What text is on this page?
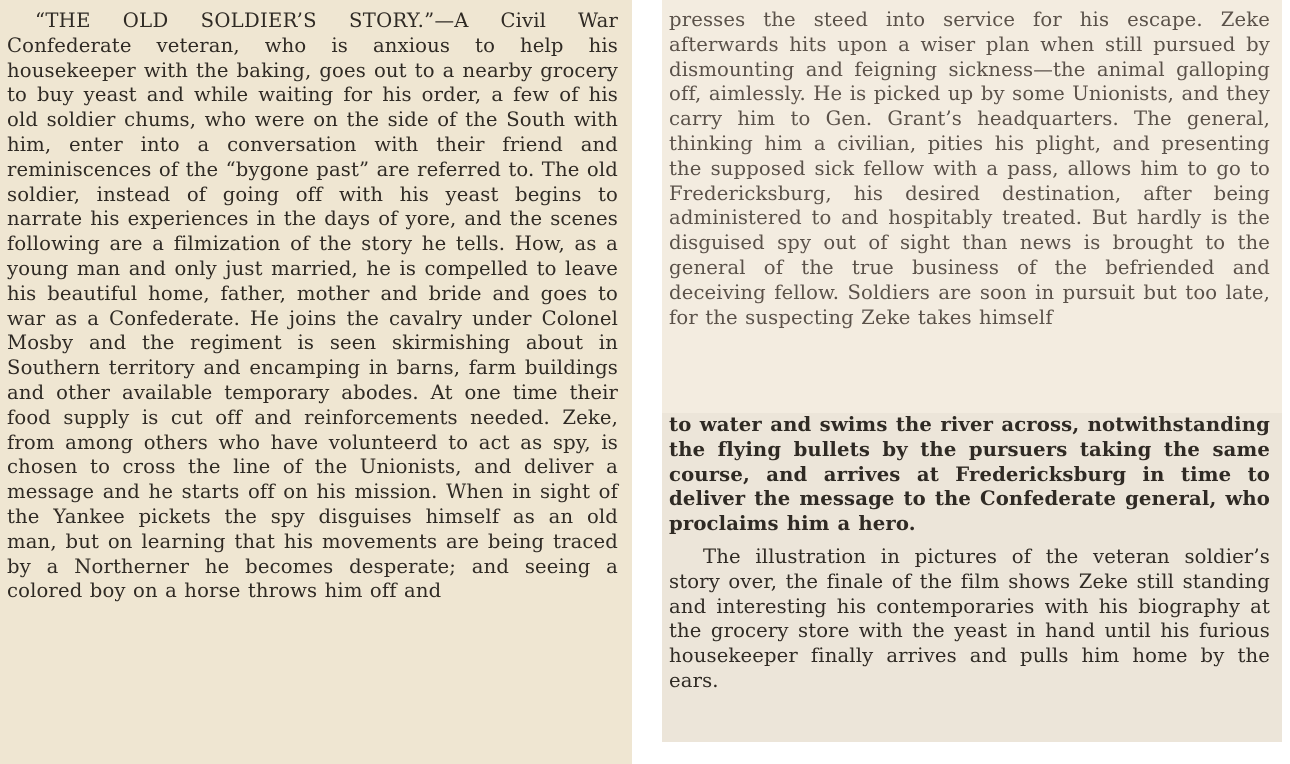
“THE OLD SOLDIER’S STORY.”—A Civil War Confederate veteran, who is anxious to help his housekeeper with the baking, goes out to a nearby grocery to buy yeast and while waiting for his order, a few of his old soldier chums, who were on the side of the South with him, enter into a conversation with their friend and reminiscences of the “bygone past” are referred to. The old soldier, instead of going off with his yeast begins to narrate his experiences in the days of yore, and the scenes following are a filmization of the story he tells. How, as a young man and only just married, he is compelled to leave his beautiful home, father, mother and bride and goes to war as a Confederate. He joins the cavalry under Colonel Mosby and the regiment is seen skirmishing about in Southern territory and encamping in barns, farm buildings and other available temporary abodes. At one time their food supply is cut off and reinforcements needed. Zeke, from among others who have volunteerd to act as spy, is chosen to cross the line of the Unionists, and deliver a message and he starts off on his mission. When in sight of the Yankee pickets the spy disguises himself as an old man, but on learning that his movements are being traced by a Northerner he becomes desperate; and seeing a colored boy on a horse throws him off and

presses the steed into service for his escape. Zeke afterwards hits upon a wiser plan when still pursued by dismounting and feigning sickness—the animal galloping off, aimlessly. He is picked up by some Unionists, and they carry him to Gen. Grant’s headquarters. The general, thinking him a civilian, pities his plight, and presenting the supposed sick fellow with a pass, allows him to go to Fredericksburg, his desired destination, after being administered to and hospitably treated. But hardly is the disguised spy out of sight than news is brought to the general of the true business of the befriended and deceiving fellow. Soldiers are soon in pursuit but too late, for the suspecting Zeke takes himself

to water and swims the river across, notwithstanding the flying bullets by the pursuers taking the same course, and arrives at Fredericksburg in time to deliver the message to the Confederate general, who proclaims him a hero.

The illustration in pictures of the veteran soldier’s story over, the finale of the film shows Zeke still standing and interesting his contemporaries with his biography at the grocery store with the yeast in hand until his furious housekeeper finally arrives and pulls him home by the ears.
